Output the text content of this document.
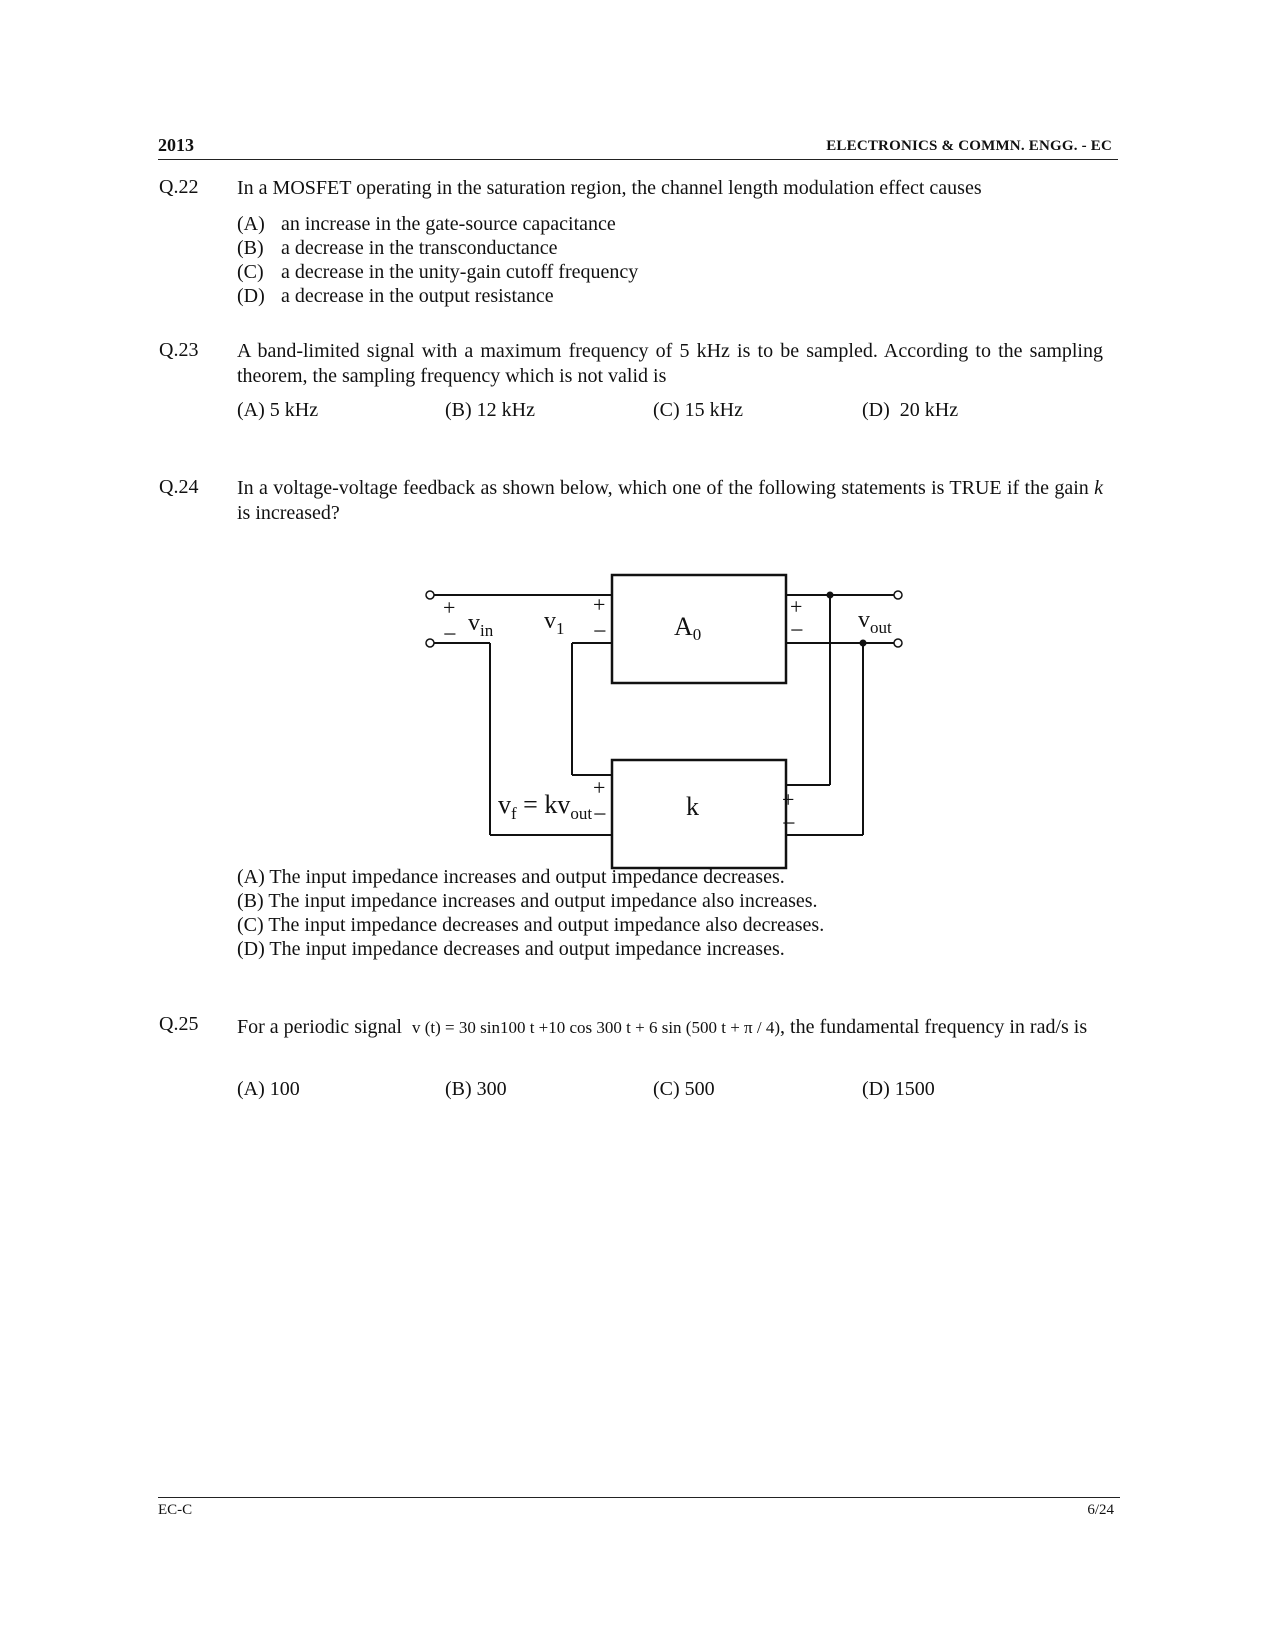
2013	ELECTRONICS & COMMN. ENGG. - EC
Q.22 In a MOSFET operating in the saturation region, the channel length modulation effect causes
(A) an increase in the gate-source capacitance
(B) a decrease in the transconductance
(C) a decrease in the unity-gain cutoff frequency
(D) a decrease in the output resistance
Q.23 A band-limited signal with a maximum frequency of 5 kHz is to be sampled. According to the sampling theorem, the sampling frequency which is not valid is
(A) 5 kHz	(B) 12 kHz	(C) 15 kHz	(D) 20 kHz
Q.24 In a voltage-voltage feedback as shown below, which one of the following statements is TRUE if the gain k is increased?
+
− $v_{in}$ $v_1$
+
−	A0
+
− $v_{out}$
+
−
$v_f = kv_{out}$	k	+
−
(A) The input impedance increases and output impedance decreases.
(B) The input impedance increases and output impedance also increases.
(C) The input impedance decreases and output impedance also decreases.
(D) The input impedance decreases and output impedance increases.
Q.25 For a periodic signal v (t) = 30 sin100 t +10 cos 300 t + 6 sin (500 t + π / 4), the fundamental frequency in rad/s is
(A) 100	(B) 300	(C) 500	(D) 1500
EC-C	6/24
